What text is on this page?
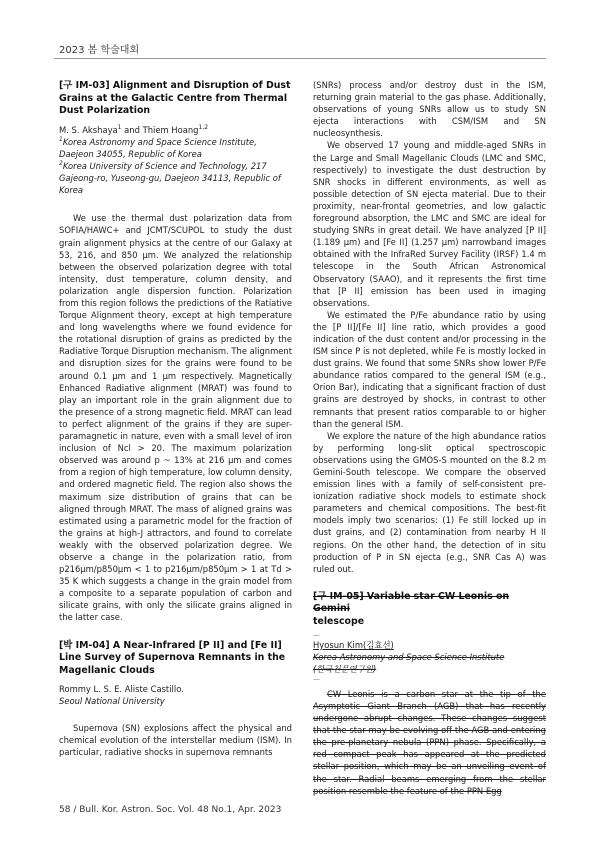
2023 봄 학술대회
[구 IM-03] Alignment and Disruption of Dust Grains at the Galactic Centre from Thermal Dust Polarization

M. S. Akshaya$^1$ and Thiem Hoang$^{1,2}$

$^1$Korea Astronomy and Space Science Institute, Daejeon 34055, Republic of Korea

$^2$Korea University of Science and Technology, 217 Gajeong-ro, Yuseong-gu, Daejeon 34113, Republic of Korea

We use the thermal dust polarization data from SOFIA/HAWC+ and JCMT/SCUPOL to study the dust grain alignment physics at the centre of our Galaxy at 53, 216, and 850 μm. We analyzed the relationship between the observed polarization degree with total intensity, dust temperature, column density, and polarization angle dispersion function. Polarization from this region follows the predictions of the Ratiative Torque Alignment theory, except at high temperature and long wavelengths where we found evidence for the rotational disruption of grains as predicted by the Radiative Torque Disruption mechanism. The alignment and disruption sizes for the grains were found to be around 0.1 μm and 1 μm respectively. Magnetically Enhanced Radiative alignment (MRAT) was found to play an important role in the grain alignment due to the presence of a strong magnetic field. MRAT can lead to perfect alignment of the grains if they are super-paramagnetic in nature, even with a small level of iron inclusion of Ncl > 20. The maximum polarization observed was around p ~ 13% at 216 μm and comes from a region of high temperature, low column density, and ordered magnetic field. The region also shows the maximum size distribution of grains that can be aligned through MRAT. The mass of aligned grains was estimated using a parametric model for the fraction of the grains at high-J attractors, and found to correlate weakly with the observed polarization degree. We observe a change in the polarization ratio, from p216μm/p850μm < 1 to p216μm/p850μm > 1 at Td > 35 K which suggests a change in the grain model from a composite to a separate population of carbon and silicate grains, with only the silicate grains aligned in the latter case.

[박 IM-04] A Near-Infrared [P II] and [Fe II] Line Survey of Supernova Remnants in the Magellanic Clouds

Rommy L. S. E. Aliste Castillo.

Seoul National University

Supernova (SN) explosions affect the physical and chemical evolution of the interstellar medium (ISM). In particular, radiative shocks in supernova remnants

(SNRs) process and/or destroy dust in the ISM, returning grain material to the gas phase. Additionally, observations of young SNRs allow us to study SN ejecta interactions with CSM/ISM and SN nucleosynthesis.

We observed 17 young and middle-aged SNRs in the Large and Small Magellanic Clouds (LMC and SMC, respectively) to investigate the dust destruction by SNR shocks in different environments, as well as possible detection of SN ejecta material. Due to their proximity, near-frontal geometries, and low galactic foreground absorption, the LMC and SMC are ideal for studying SNRs in great detail. We have analyzed [P II] (1.189 μm) and [Fe II] (1.257 μm) narrowband images obtained with the InfraRed Survey Facility (IRSF) 1.4 m telescope in the South African Astronomical Observatory (SAAO), and it represents the first time that [P II] emission has been used in imaging observations.

We estimated the P/Fe abundance ratio by using the [P II]/[Fe II] line ratio, which provides a good indication of the dust content and/or processing in the ISM since P is not depleted, while Fe is mostly locked in dust grains. We found that some SNRs show lower P/Fe abundance ratios compared to the general ISM (e.g., Orion Bar), indicating that a significant fraction of dust grains are destroyed by shocks, in contrast to other remnants that present ratios comparable to or higher than the general ISM.

We explore the nature of the high abundance ratios by performing long-slit optical spectroscopic observations using the GMOS-S mounted on the 8.2 m Gemini-South telescope. We compare the observed emission lines with a family of self-consistent pre-ionization radiative shock models to estimate shock parameters and chemical compositions. The best-fit models imply two scenarios: (1) Fe still locked up in dust grains, and (2) contamination from nearby H II regions. On the other hand, the detection of in situ production of P in SN ejecta (e.g., SNR Cas A) was ruled out.

[구 IM-05] Variable star CW Leonis on Gemini
telescope

—

Hyosun Kim(김효선)

Korea Astronomy and Space Science Institute

(한국천문연구원)

—

CW Leonis is a carbon star at the tip of the Asymptotic Giant Branch (AGB) that has recently undergone abrupt changes. These changes suggest that the star may be evolving off the AGB and entering the pre-planetary nebula (PPN) phase. Specifically, a red compact peak has appeared at the predicted stellar position, which may be an unveiling event of the star. Radial beams emerging from the stellar position resemble the feature of the PPN Egg

58 / Bull. Kor. Astron. Soc. Vol. 48 No.1, Apr. 2023
